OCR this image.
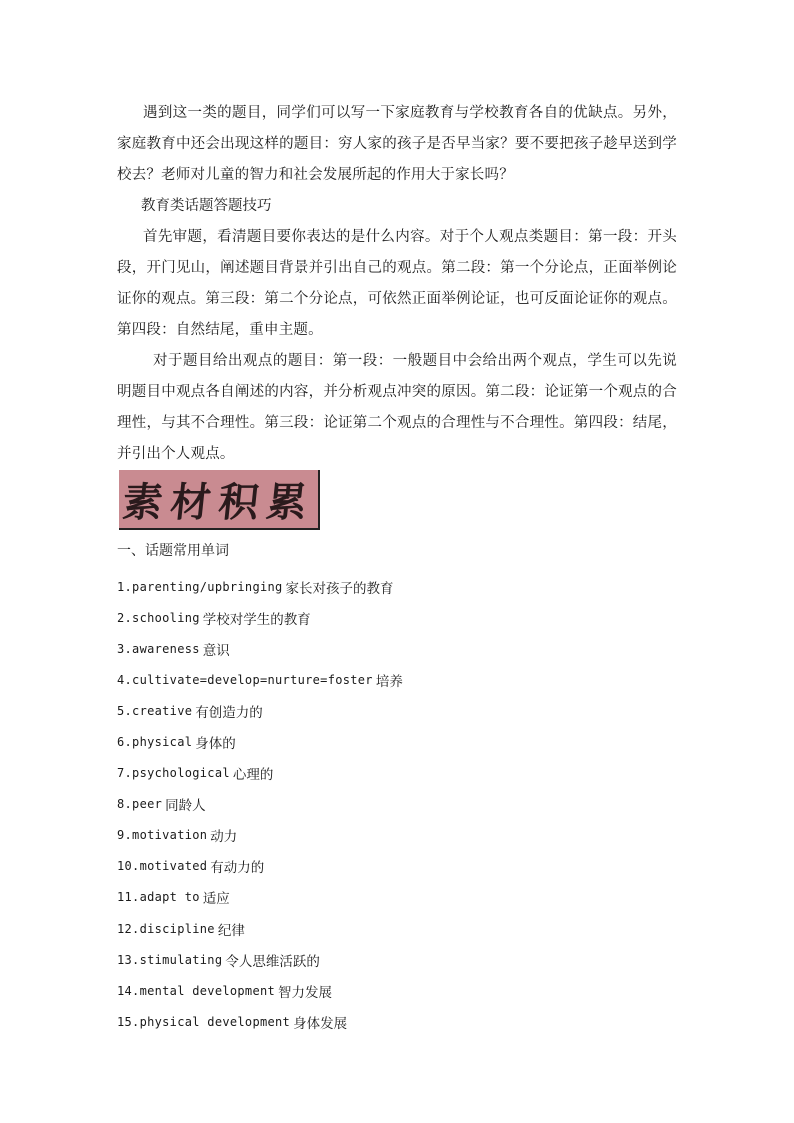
遇到这一类的题目，同学们可以写一下家庭教育与学校教育各自的优缺点。另外，家庭教育中还会出现这样的题目：穷人家的孩子是否早当家？要不要把孩子趁早送到学校去？老师对儿童的智力和社会发展所起的作用大于家长吗？

教育类话题答题技巧

首先审题，看清题目要你表达的是什么内容。对于个人观点类题目：第一段：开头段，开门见山，阐述题目背景并引出自己的观点。第二段：第一个分论点，正面举例论证你的观点。第三段：第二个分论点，可依然正面举例论证，也可反面论证你的观点。第四段：自然结尾，重申主题。

对于题目给出观点的题目：第一段：一般题目中会给出两个观点，学生可以先说明题目中观点各自阐述的内容，并分析观点冲突的原因。第二段：论证第一个观点的合理性，与其不合理性。第三段：论证第二个观点的合理性与不合理性。第四段：结尾，并引出个人观点。

素材积累

一、话题常用单词

1.parenting/upbringing 家长对孩子的教育
2.schooling 学校对学生的教育
3.awareness 意识
4.cultivate=develop=nurture=foster 培养
5.creative 有创造力的
6.physical 身体的
7.psychological 心理的
8.peer 同龄人
9.motivation 动力
10.motivated 有动力的
11.adapt to 适应
12.discipline 纪律
13.stimulating 令人思维活跃的
14.mental development 智力发展
15.physical development 身体发展
